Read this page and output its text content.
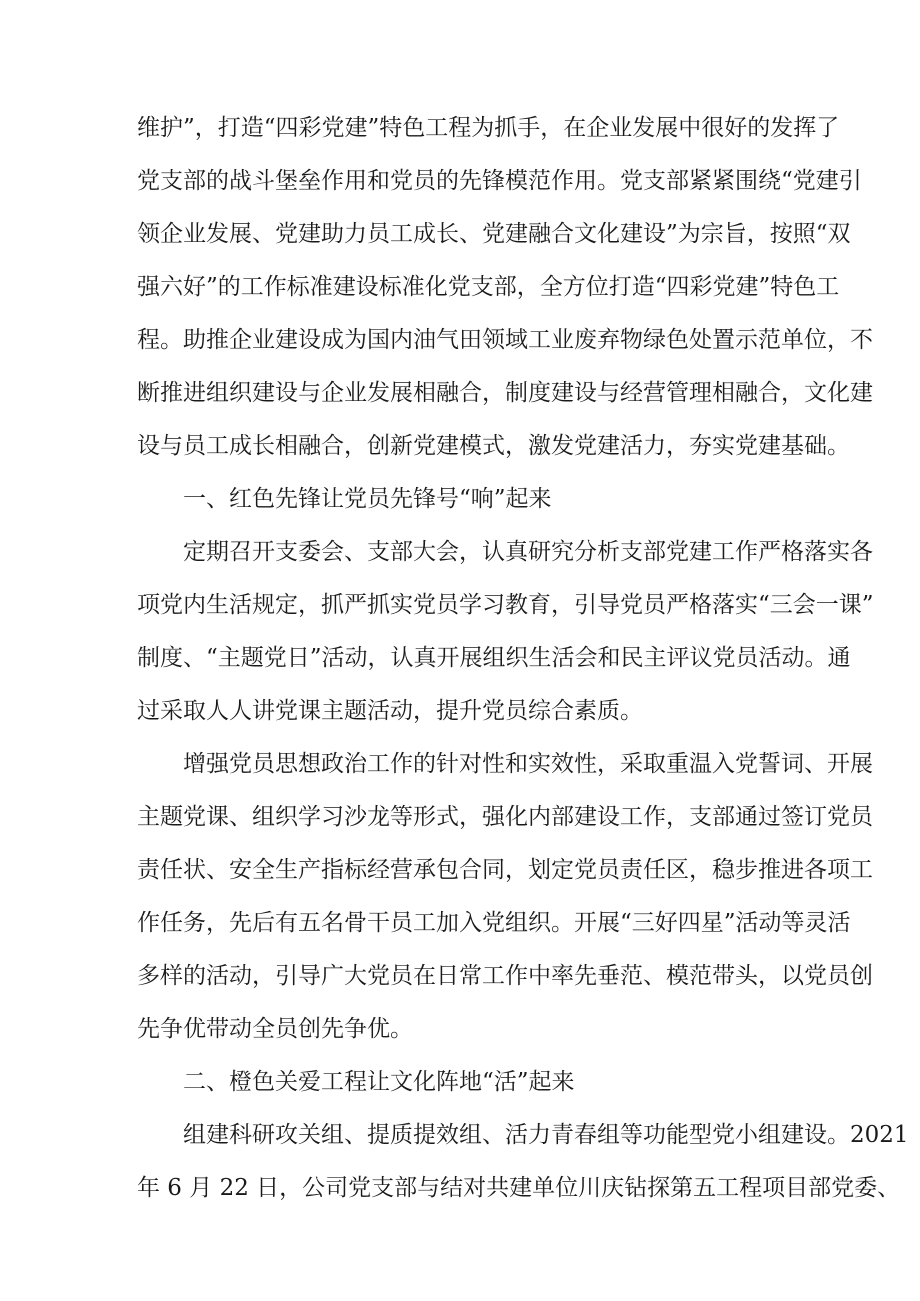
维护”，打造“四彩党建”特色工程为抓手，在企业发展中很好的发挥了
党支部的战斗堡垒作用和党员的先锋模范作用。党支部紧紧围绕“党建引
领企业发展、党建助力员工成长、党建融合文化建设”为宗旨，按照“双
强六好”的工作标准建设标准化党支部，全方位打造“四彩党建”特色工
程。助推企业建设成为国内油气田领域工业废弃物绿色处置示范单位，不
断推进组织建设与企业发展相融合，制度建设与经营管理相融合，文化建
设与员工成长相融合，创新党建模式，激发党建活力，夯实党建基础。
一、红色先锋让党员先锋号“响”起来
定期召开支委会、支部大会，认真研究分析支部党建工作严格落实各
项党内生活规定，抓严抓实党员学习教育，引导党员严格落实“三会一课”
制度、“主题党日”活动，认真开展组织生活会和民主评议党员活动。通
过采取人人讲党课主题活动，提升党员综合素质。
增强党员思想政治工作的针对性和实效性，采取重温入党誓词、开展
主题党课、组织学习沙龙等形式，强化内部建设工作，支部通过签订党员
责任状、安全生产指标经营承包合同，划定党员责任区，稳步推进各项工
作任务，先后有五名骨干员工加入党组织。开展“三好四星”活动等灵活
多样的活动，引导广大党员在日常工作中率先垂范、模范带头，以党员创
先争优带动全员创先争优。
二、橙色关爱工程让文化阵地“活”起来
组建科研攻关组、提质提效组、活力青春组等功能型党小组建设。2021
年 6 月 22 日，公司党支部与结对共建单位川庆钻探第五工程项目部党委、
